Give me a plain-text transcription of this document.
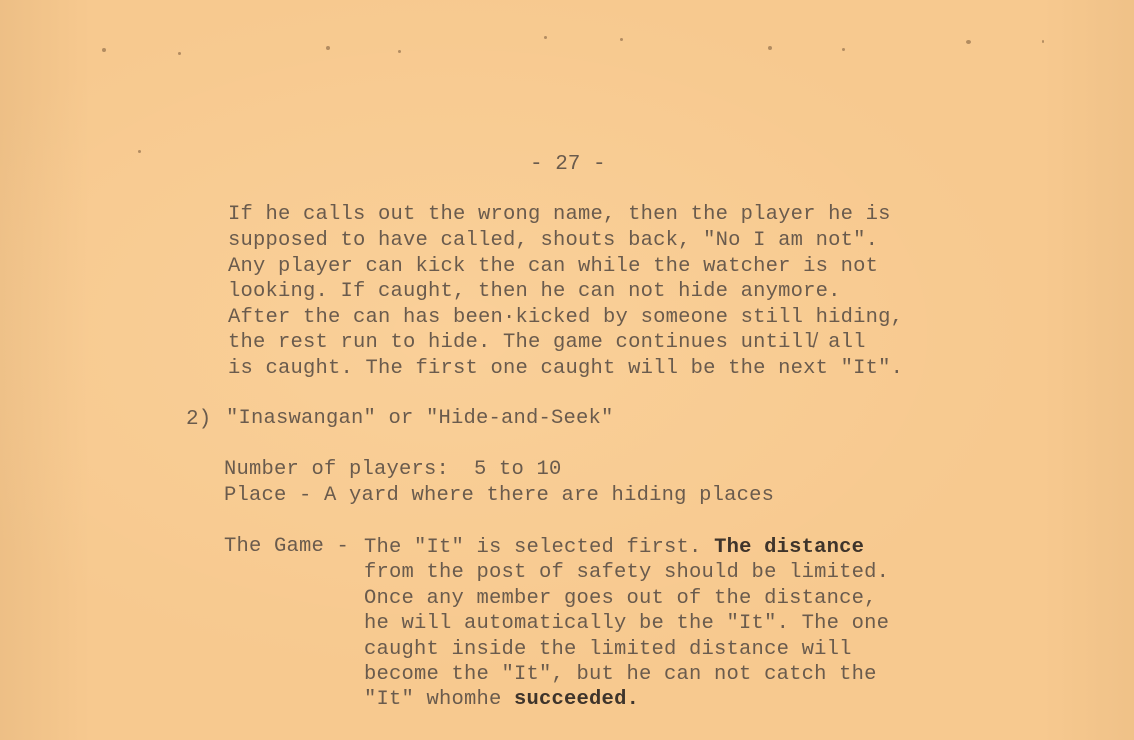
- 27 -
If he calls out the wrong name, then the player he is
supposed to have called, shouts back, "No I am not".
Any player can kick the can while the watcher is not
looking. If caught, then he can not hide anymore.
After the can has been·kicked by someone still hiding,
the rest run to hide. The game continues untill̸ all
is caught. The first one caught will be the next "It".
2) "Inaswangan" or "Hide-and-Seek"
Number of players:  5 to 10
Place - A yard where there are hiding places
The Game - The "It" is selected first. The distance
from the post of safety should be limited.
Once any member goes out of the distance,
he will automatically be the "It". The one
caught inside the limited distance will
become the "It", but he can not catch the
"It" whomhe succeeded.
